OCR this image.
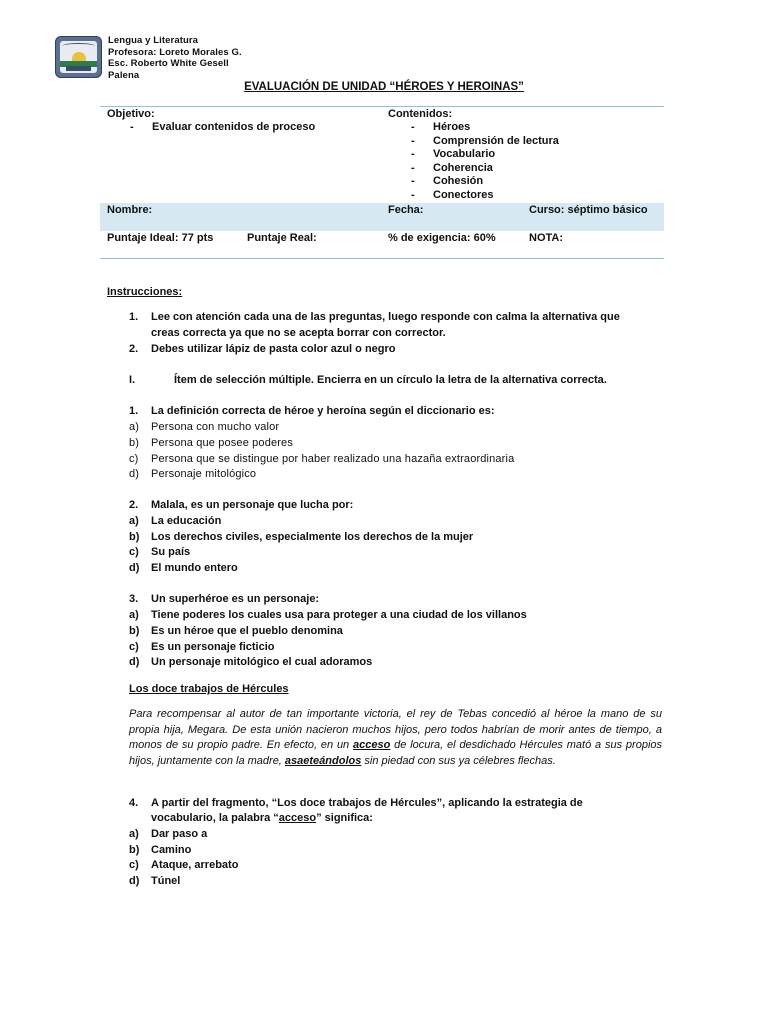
Lengua y Literatura
Profesora: Loreto Morales G.
Esc. Roberto White Gesell
Palena
EVALUACIÓN DE UNIDAD “HÉROES Y HEROINAS”
Objetivo:
- Evaluar contenidos de proceso
Contenidos:
- Héroes
- Comprensión de lectura
- Vocabulario
- Coherencia
- Cohesión
- Conectores
Nombre:	Fecha:	Curso: séptimo básico
Puntaje Ideal: 77 pts	Puntaje Real:	% de exigencia: 60%	NOTA:
Instrucciones:
1. Lee con atención cada una de las preguntas, luego responde con calma la alternativa que
creas correcta ya que no se acepta borrar con corrector.
2. Debes utilizar lápiz de pasta color azul o negro
I.	Ítem de selección múltiple. Encierra en un círculo la letra de la alternativa correcta.
1. La definición correcta de héroe y heroína según el diccionario es:
a) Persona con mucho valor
b) Persona que posee poderes
c) Persona que se distingue por haber realizado una hazaña extraordinaria
d) Personaje mitológico
2. Malala, es un personaje que lucha por:
a) La educación
b) Los derechos civiles, especialmente los derechos de la mujer
c) Su país
d) El mundo entero
3. Un superhéroe es un personaje:
a) Tiene poderes los cuales usa para proteger a una ciudad de los villanos
b) Es un héroe que el pueblo denomina
c) Es un personaje ficticio
d) Un personaje mitológico el cual adoramos
Los doce trabajos de Hércules
Para recompensar al autor de tan importante victoria, el rey de Tebas concedió al héroe la mano de su propia hija, Megara. De esta unión nacieron muchos hijos, pero todos habrían de morir antes de tiempo, a monos de su propio padre. En efecto, en un acceso de locura, el desdichado Hércules mató a sus propios hijos, juntamente con la madre, asaeteándolos sin piedad con sus ya célebres flechas.
4. A partir del fragmento, “Los doce trabajos de Hércules”, aplicando la estrategia de
vocabulario, la palabra “acceso” significa:
a) Dar paso a
b) Camino
c) Ataque, arrebato
d) Túnel
